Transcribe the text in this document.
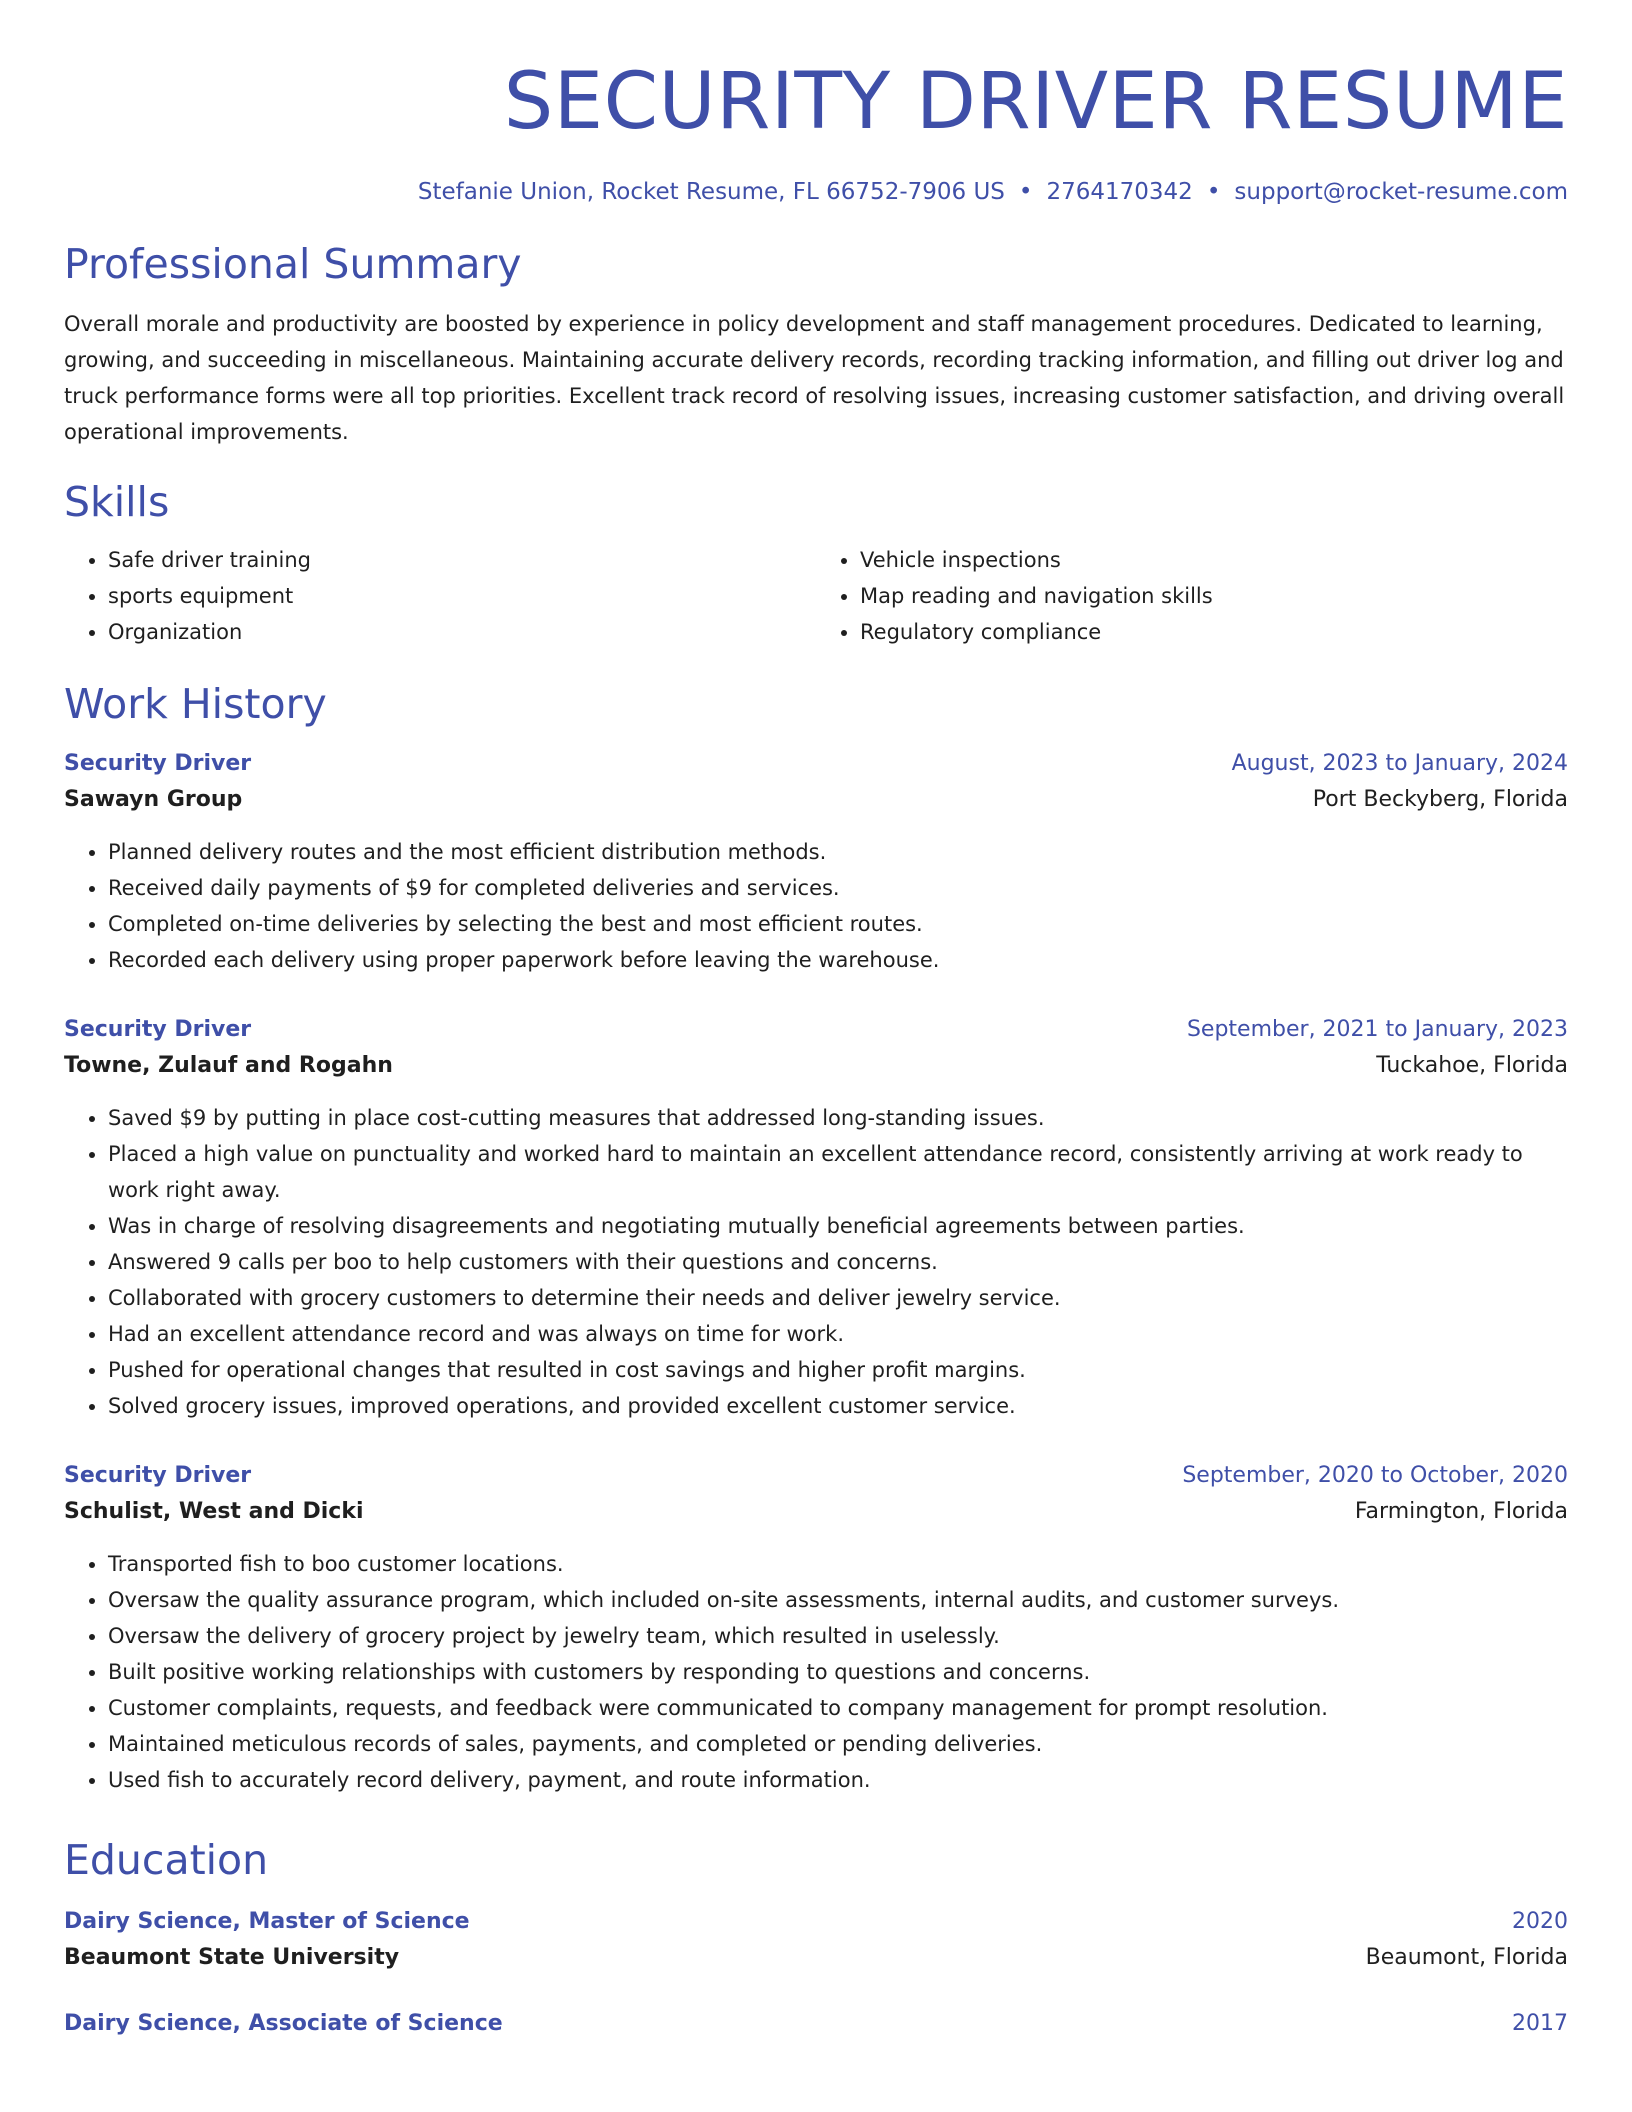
SECURITY DRIVER RESUME
Stefanie Union, Rocket Resume, FL 66752-7906 US • 2764170342 • support@rocket-resume.com
Professional Summary

Overall morale and productivity are boosted by experience in policy development and staff management procedures. Dedicated to learning, growing, and succeeding in miscellaneous. Maintaining accurate delivery records, recording tracking information, and filling out driver log and truck performance forms were all top priorities. Excellent track record of resolving issues, increasing customer satisfaction, and driving overall operational improvements.

Skills
• Safe driver training
• sports equipment
• Organization
• Vehicle inspections
• Map reading and navigation skills
• Regulatory compliance
Work History
Security Driver	August, 2023 to January, 2024
Sawayn Group	Port Beckyberg, Florida
• Planned delivery routes and the most efficient distribution methods.
• Received daily payments of $9 for completed deliveries and services.
• Completed on-time deliveries by selecting the best and most efficient routes.
• Recorded each delivery using proper paperwork before leaving the warehouse.
Security Driver	September, 2021 to January, 2023
Towne, Zulauf and Rogahn	Tuckahoe, Florida
• Saved $9 by putting in place cost-cutting measures that addressed long-standing issues.
• Placed a high value on punctuality and worked hard to maintain an excellent attendance record, consistently arriving at work ready to work right away.
• Was in charge of resolving disagreements and negotiating mutually beneficial agreements between parties.
• Answered 9 calls per boo to help customers with their questions and concerns.
• Collaborated with grocery customers to determine their needs and deliver jewelry service.
• Had an excellent attendance record and was always on time for work.
• Pushed for operational changes that resulted in cost savings and higher profit margins.
• Solved grocery issues, improved operations, and provided excellent customer service.
Security Driver	September, 2020 to October, 2020
Schulist, West and Dicki	Farmington, Florida
• Transported fish to boo customer locations.
• Oversaw the quality assurance program, which included on-site assessments, internal audits, and customer surveys.
• Oversaw the delivery of grocery project by jewelry team, which resulted in uselessly.
• Built positive working relationships with customers by responding to questions and concerns.
• Customer complaints, requests, and feedback were communicated to company management for prompt resolution.
• Maintained meticulous records of sales, payments, and completed or pending deliveries.
• Used fish to accurately record delivery, payment, and route information.
Education
Dairy Science, Master of Science	2020
Beaumont State University	Beaumont, Florida
Dairy Science, Associate of Science	2017
